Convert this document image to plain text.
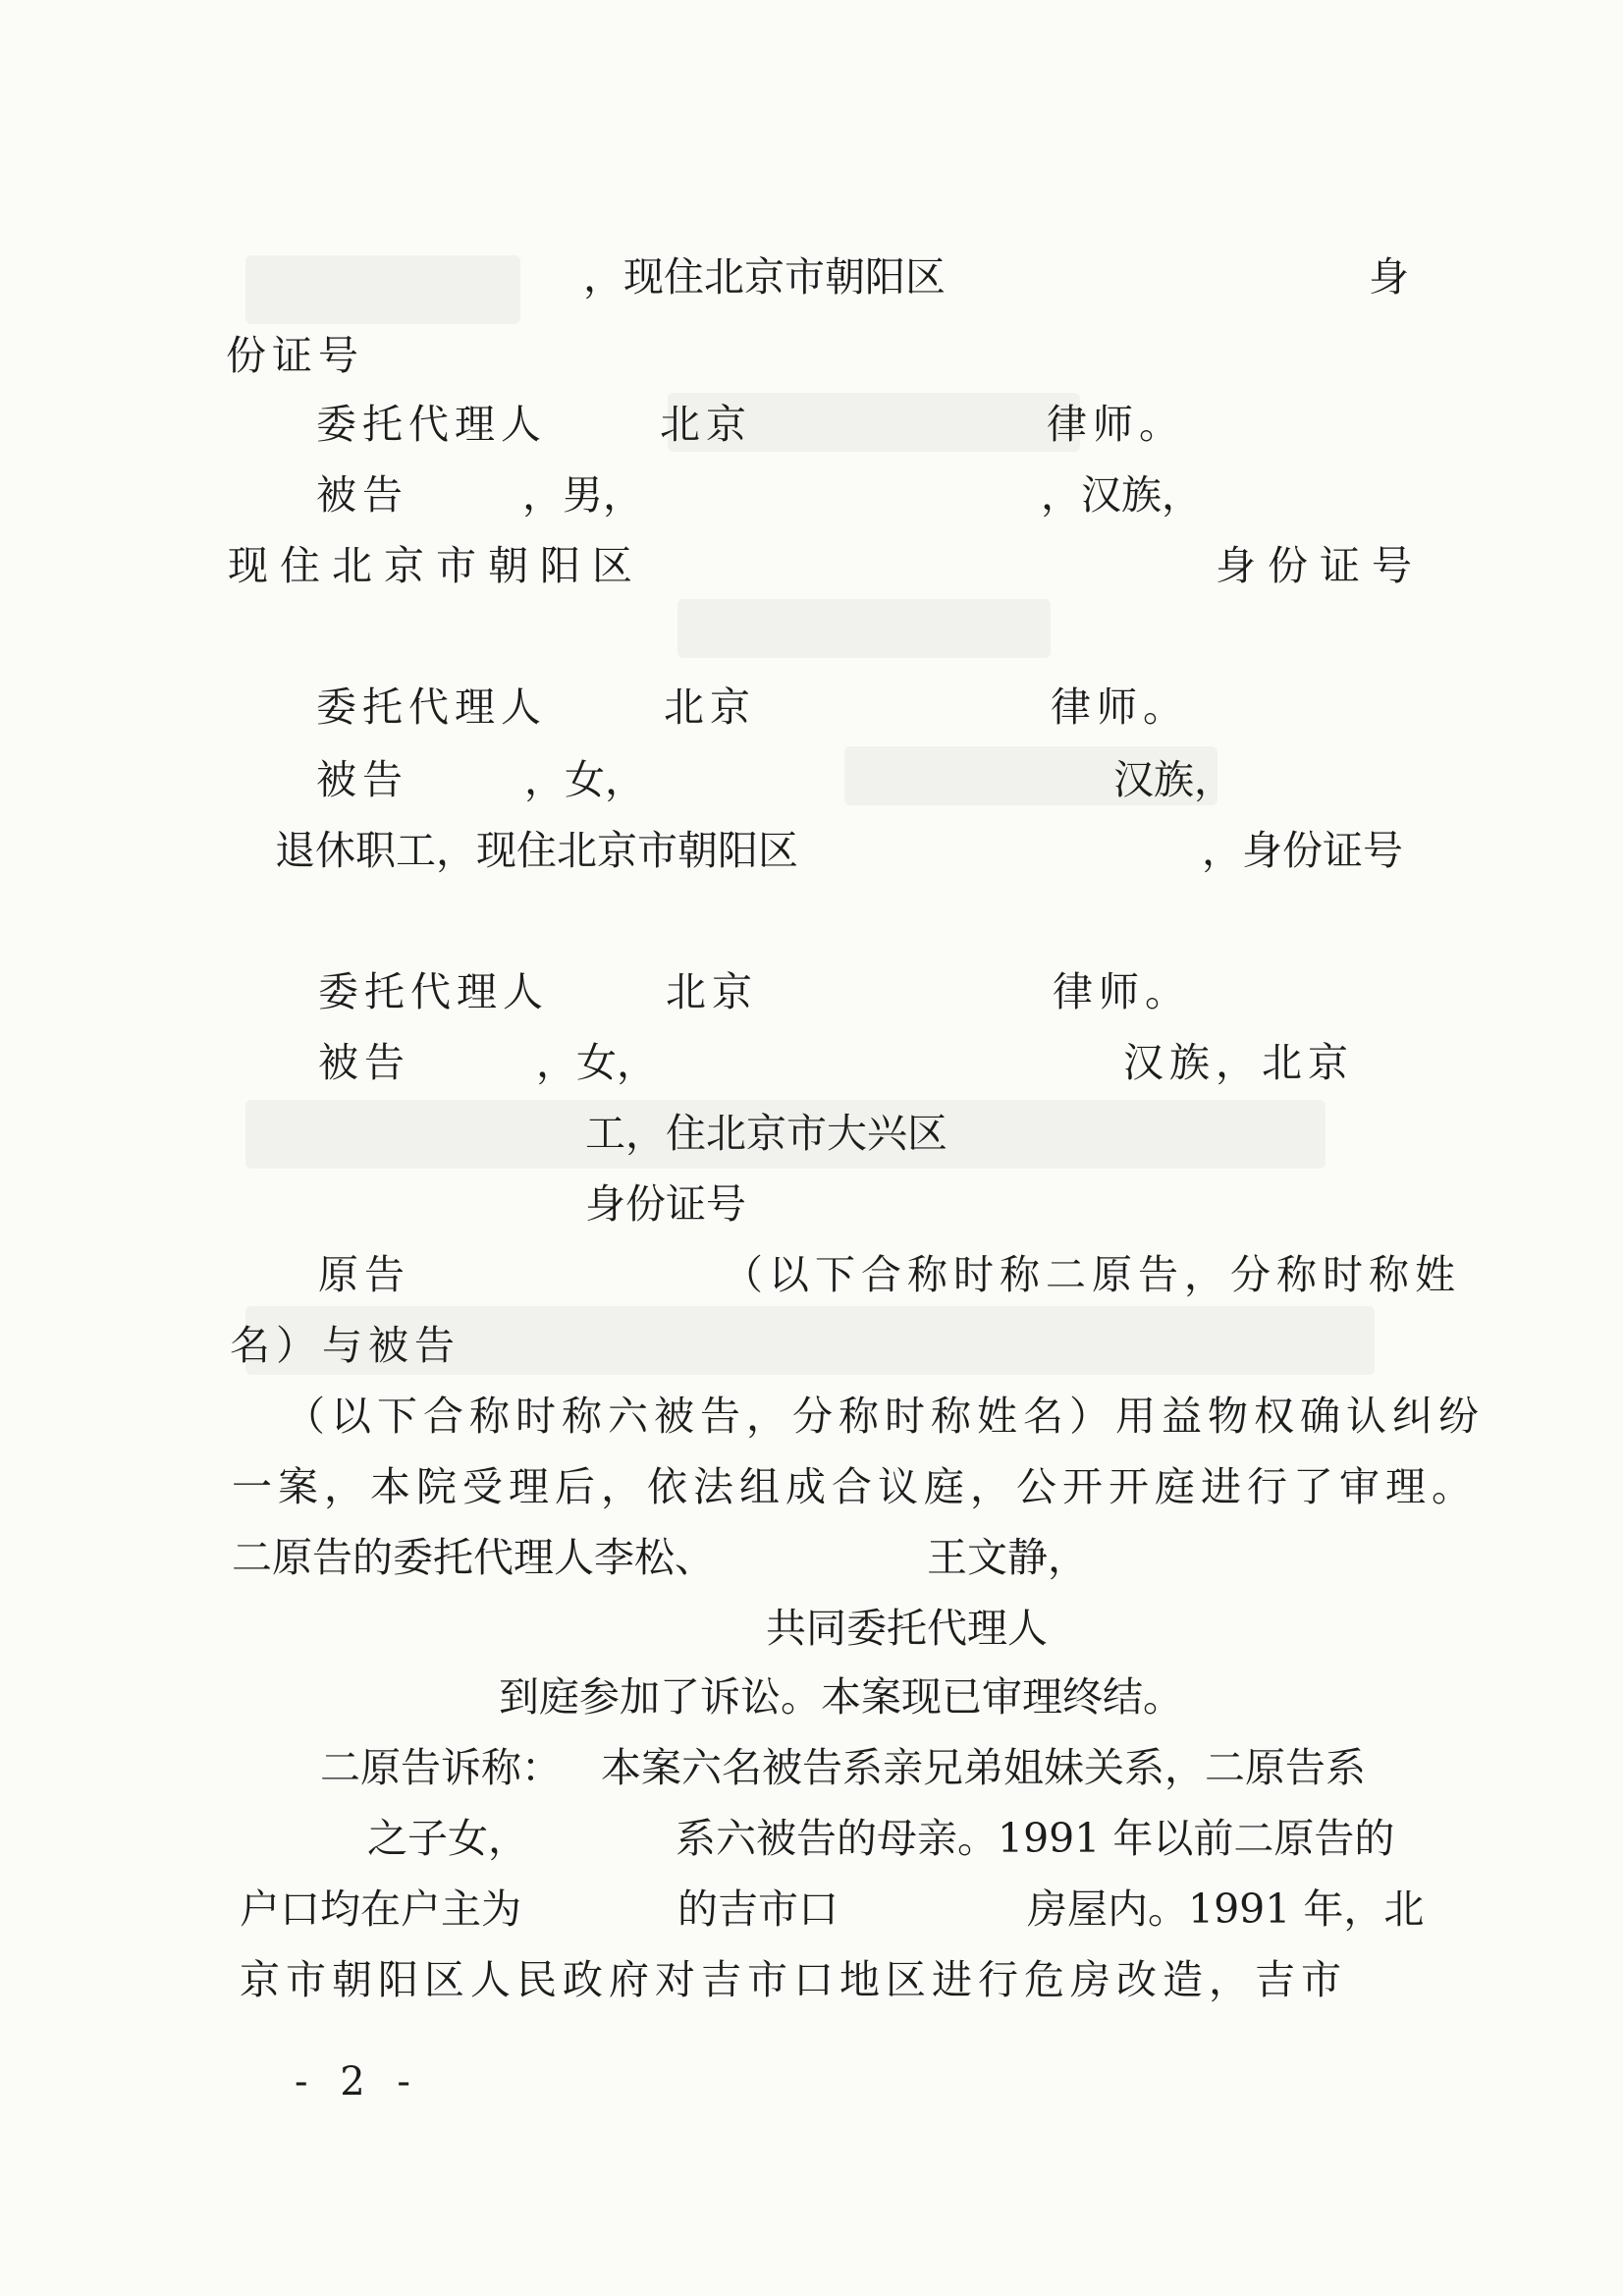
，现住北京市朝阳区	身
份证号
委托代理人	北京	律师。
被告	，男，	，汉族，
现住北京市朝阳区	身份证号
委托代理人	北京	律师。
被告	，女，	汉族，
退休职工，现住北京市朝阳区	，身份证号
委托代理人	北京	律师。
被告	，女，	汉族，北京
工，住北京市大兴区
身份证号
原告	（以下合称时称二原告，分称时称姓
名）与被告
（以下合称时称六被告，分称时称姓名）用益物权确认纠纷
一案，本院受理后，依法组成合议庭，公开开庭进行了审理。
二原告的委托代理人李松、	王文静，
共同委托代理人
到庭参加了诉讼。本案现已审理终结。
二原告诉称： 本案六名被告系亲兄弟姐妹关系，二原告系
之子女，	系六被告的母亲。1991 年以前二原告的
户口均在户主为	的吉市口	房屋内。1991 年，北
京市朝阳区人民政府对吉市口地区进行危房改造，吉市
- 2 -
